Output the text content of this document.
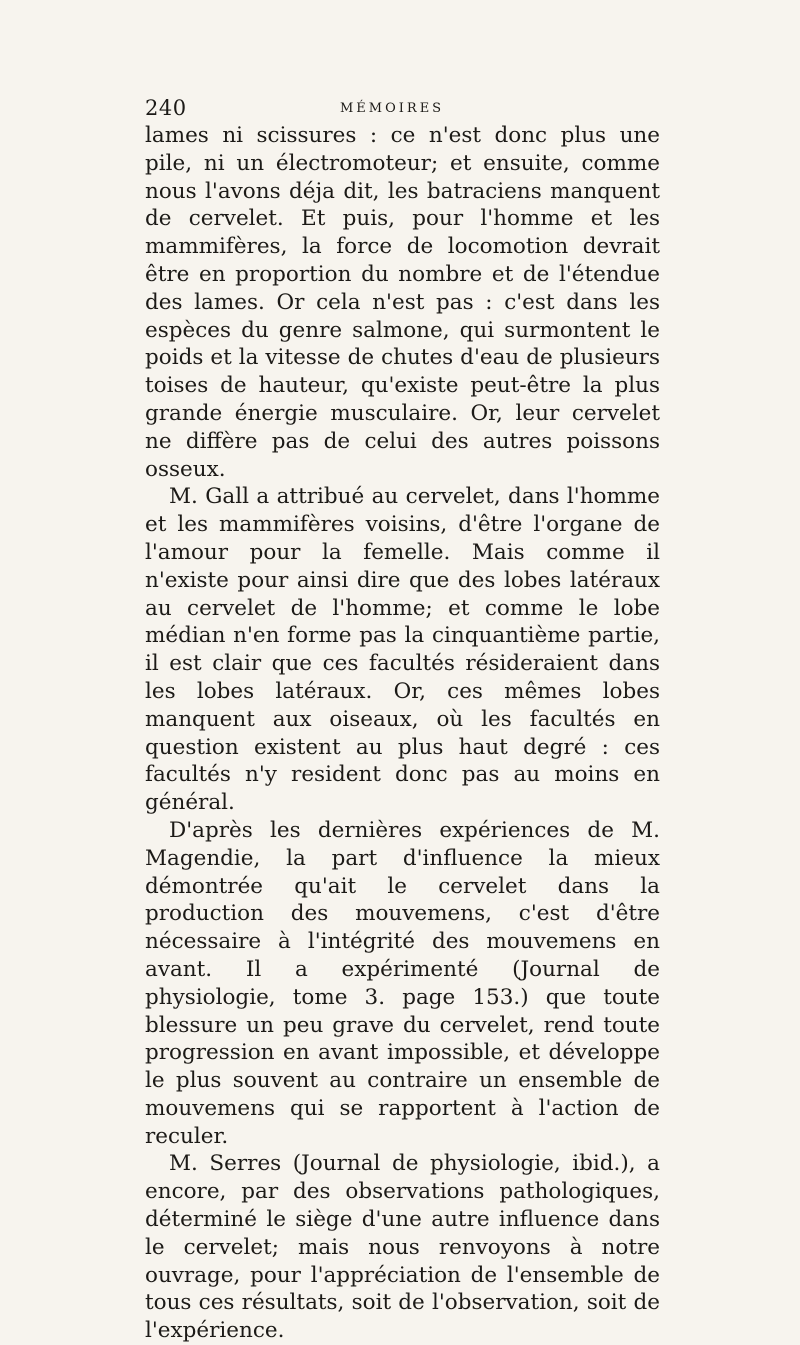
240	MÉMOIRES

lames ni scissures : ce n'est donc plus une pile, ni un électromoteur; et ensuite, comme nous l'avons déja dit, les batraciens manquent de cervelet. Et puis, pour l'homme et les mammifères, la force de locomotion devrait être en proportion du nombre et de l'étendue des lames. Or cela n'est pas : c'est dans les espèces du genre salmone, qui surmontent le poids et la vitesse de chutes d'eau de plusieurs toises de hauteur, qu'existe peut-être la plus grande énergie musculaire. Or, leur cervelet ne diffère pas de celui des autres poissons osseux.

M. Gall a attribué au cervelet, dans l'homme et les mammifères voisins, d'être l'organe de l'amour pour la femelle. Mais comme il n'existe pour ainsi dire que des lobes latéraux au cervelet de l'homme; et comme le lobe médian n'en forme pas la cinquantième partie, il est clair que ces facultés résideraient dans les lobes latéraux. Or, ces mêmes lobes manquent aux oiseaux, où les facultés en question existent au plus haut degré : ces facultés n'y resident donc pas au moins en général.

D'après les dernières expériences de M. Magendie, la part d'influence la mieux démontrée qu'ait le cervelet dans la production des mouvemens, c'est d'être nécessaire à l'intégrité des mouvemens en avant. Il a expérimenté (Journal de physiologie, tome 3. page 153.) que toute blessure un peu grave du cervelet, rend toute progression en avant impossible, et développe le plus souvent au contraire un ensemble de mouvemens qui se rapportent à l'action de reculer.

M. Serres (Journal de physiologie, ibid.), a encore, par des observations pathologiques, déterminé le siège d'une autre influence dans le cervelet; mais nous renvoyons à notre ouvrage, pour l'appréciation de l'ensemble de tous ces résultats, soit de l'observation, soit de l'expérience.
